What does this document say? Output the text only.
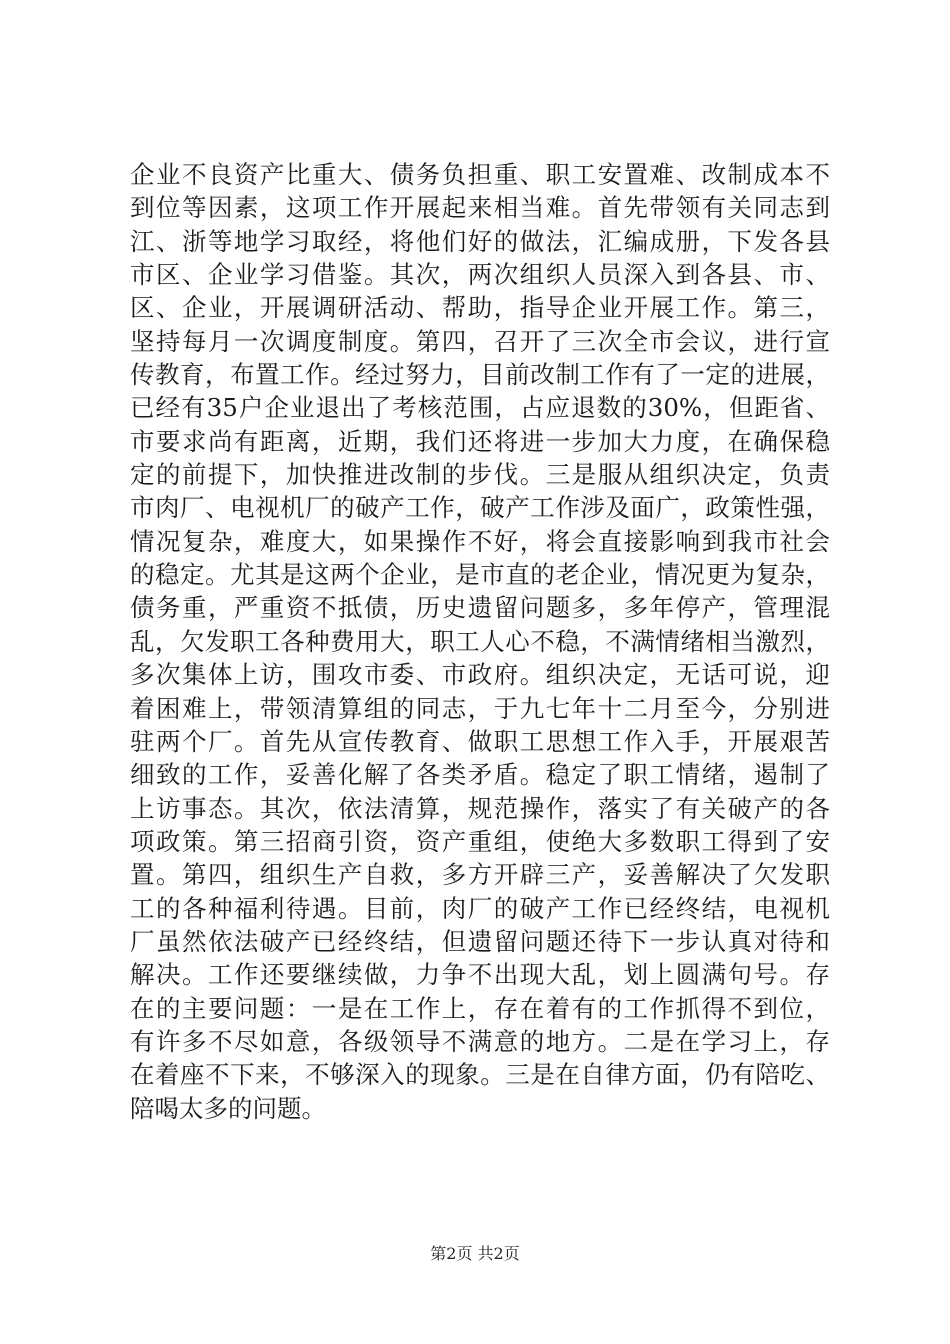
企业不良资产比重大、债务负担重、职工安置难、改制成本不
到位等因素，这项工作开展起来相当难。首先带领有关同志到
江、浙等地学习取经，将他们好的做法，汇编成册，下发各县
市区、企业学习借鉴。其次，两次组织人员深入到各县、市、
区、企业，开展调研活动、帮助，指导企业开展工作。第三，
坚持每月一次调度制度。第四，召开了三次全市会议，进行宣
传教育，布置工作。经过努力，目前改制工作有了一定的进展，
已经有35户企业退出了考核范围，占应退数的30%，但距省、
市要求尚有距离，近期，我们还将进一步加大力度，在确保稳
定的前提下，加快推进改制的步伐。三是服从组织决定，负责
市肉厂、电视机厂的破产工作，破产工作涉及面广，政策性强，
情况复杂，难度大，如果操作不好，将会直接影响到我市社会
的稳定。尤其是这两个企业，是市直的老企业，情况更为复杂，
债务重，严重资不抵债，历史遗留问题多，多年停产，管理混
乱，欠发职工各种费用大，职工人心不稳，不满情绪相当激烈，
多次集体上访，围攻市委、市政府。组织决定，无话可说，迎
着困难上，带领清算组的同志，于九七年十二月至今，分别进
驻两个厂。首先从宣传教育、做职工思想工作入手，开展艰苦
细致的工作，妥善化解了各类矛盾。稳定了职工情绪，遏制了
上访事态。其次，依法清算，规范操作，落实了有关破产的各
项政策。第三招商引资，资产重组，使绝大多数职工得到了安
置。第四，组织生产自救，多方开辟三产，妥善解决了欠发职
工的各种福利待遇。目前，肉厂的破产工作已经终结，电视机
厂虽然依法破产已经终结，但遗留问题还待下一步认真对待和
解决。工作还要继续做，力争不出现大乱，划上圆满句号。存
在的主要问题：一是在工作上，存在着有的工作抓得不到位，
有许多不尽如意，各级领导不满意的地方。二是在学习上，存
在着座不下来，不够深入的现象。三是在自律方面，仍有陪吃、
陪喝太多的问题。
第2页 共2页
